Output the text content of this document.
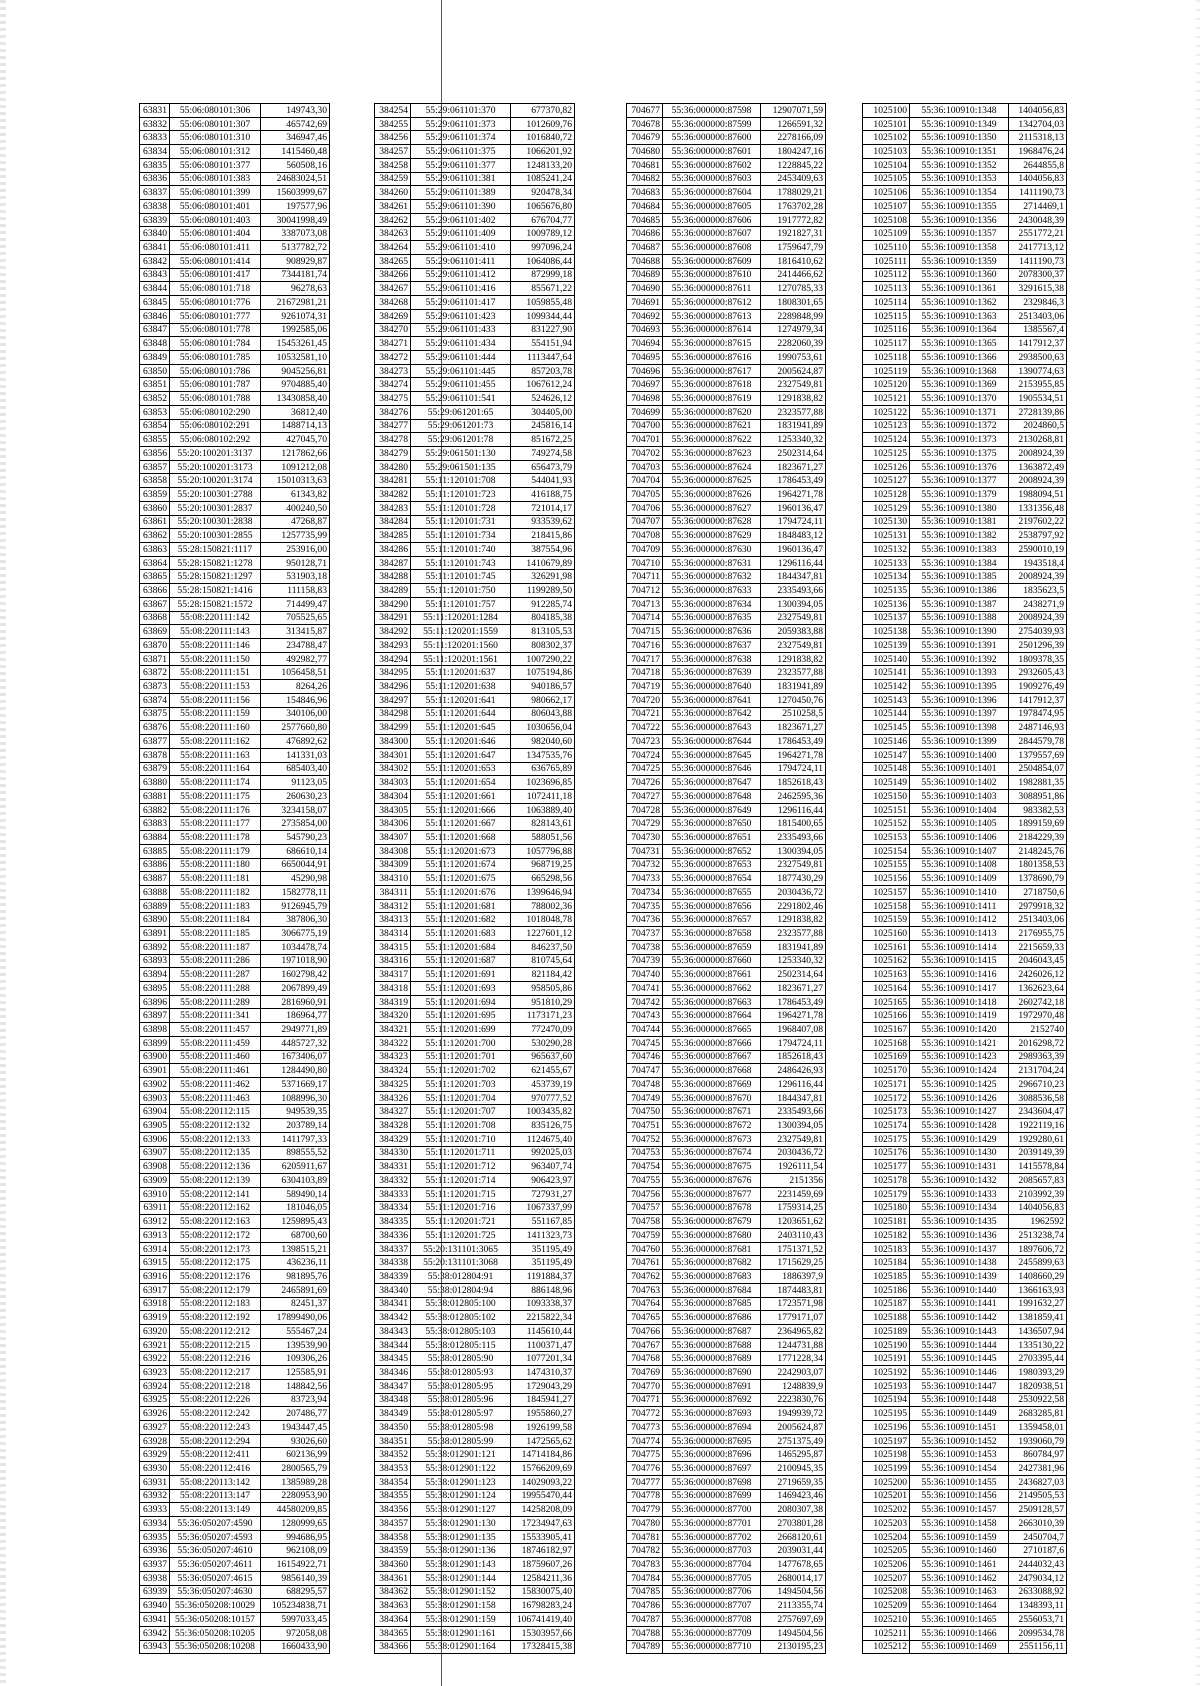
63831	55:06:080101:306	149743,30
63832	55:06:080101:307	465742,69
63833	55:06:080101:310	346947,46
63834	55:06:080101:312	1415460,48
63835	55:06:080101:377	560508,16
63836	55:06:080101:383	24683024,51
63837	55:06:080101:399	15603999,67
63838	55:06:080101:401	197577,96
63839	55:06:080101:403	30041998,49
63840	55:06:080101:404	3387073,08
63841	55:06:080101:411	5137782,72
63842	55:06:080101:414	908929,87
63843	55:06:080101:417	7344181,74
63844	55:06:080101:718	96278,63
63845	55:06:080101:776	21672981,21
63846	55:06:080101:777	9261074,31
63847	55:06:080101:778	1992585,06
63848	55:06:080101:784	15453261,45
63849	55:06:080101:785	10532581,10
63850	55:06:080101:786	9045256,81
63851	55:06:080101:787	9704885,40
63852	55:06:080101:788	13430858,40
63853	55:06:080102:290	36812,40
63854	55:06:080102:291	1488714,13
63855	55:06:080102:292	427045,70
63856	55:20:100201:3137	1217862,66
63857	55:20:100201:3173	1091212,08
63858	55:20:100201:3174	15010313,63
63859	55:20:100301:2788	61343,82
63860	55:20:100301:2837	400240,50
63861	55:20:100301:2838	47268,87
63862	55:20:100301:2855	1257735,99
63863	55:28:150821:1117	253916,00
63864	55:28:150821:1278	950128,71
63865	55:28:150821:1297	531903,18
63866	55:28:150821:1416	111158,83
63867	55:28:150821:1572	714499,47
63868	55:08:220111:142	705525,65
63869	55:08:220111:143	313415,87
63870	55:08:220111:146	234788,47
63871	55:08:220111:150	492982,77
63872	55:08:220111:151	1056458,51
63873	55:08:220111:153	8264,26
63874	55:08:220111:156	154846,96
63875	55:08:220111:159	340106,00
63876	55:08:220111:160	2577660,80
63877	55:08:220111:162	476892,62
63878	55:08:220111:163	141331,03
63879	55:08:220111:164	685403,40
63880	55:08:220111:174	91123,05
63881	55:08:220111:175	260630,23
63882	55:08:220111:176	3234158,07
63883	55:08:220111:177	2735854,00
63884	55:08:220111:178	545790,23
63885	55:08:220111:179	686610,14
63886	55:08:220111:180	6650044,91
63887	55:08:220111:181	45290,98
63888	55:08:220111:182	1582778,11
63889	55:08:220111:183	9126945,79
63890	55:08:220111:184	387806,30
63891	55:08:220111:185	3066775,19
63892	55:08:220111:187	1034478,74
63893	55:08:220111:286	1971018,90
63894	55:08:220111:287	1602798,42
63895	55:08:220111:288	2067899,49
63896	55:08:220111:289	2816960,91
63897	55:08:220111:341	186964,77
63898	55:08:220111:457	2949771,89
63899	55:08:220111:459	4485727,32
63900	55:08:220111:460	1673406,07
63901	55:08:220111:461	1284490,80
63902	55:08:220111:462	5371669,17
63903	55:08:220111:463	1088996,30
63904	55:08:220112:115	949539,35
63905	55:08:220112:132	203789,14
63906	55:08:220112:133	1411797,33
63907	55:08:220112:135	898555,52
63908	55:08:220112:136	6205911,67
63909	55:08:220112:139	6304103,89
63910	55:08:220112:141	589490,14
63911	55:08:220112:162	181046,05
63912	55:08:220112:163	1259895,43
63913	55:08:220112:172	68700,60
63914	55:08:220112:173	1398515,21
63915	55:08:220112:175	436236,11
63916	55:08:220112:176	981895,76
63917	55:08:220112:179	2465891,69
63918	55:08:220112:183	82451,37
63919	55:08:220112:192	17899490,06
63920	55:08:220112:212	555467,24
63921	55:08:220112:215	139539,90
63922	55:08:220112:216	109306,26
63923	55:08:220112:217	125585,91
63924	55:08:220112:218	148842,56
63925	55:08:220112:226	83723,94
63926	55:08:220112:242	207486,77
63927	55:08:220112:243	1943447,45
63928	55:08:220112:294	93026,60
63929	55:08:220112:411	602136,99
63930	55:08:220112:416	2800565,79
63931	55:08:220113:142	1385989,28
63932	55:08:220113:147	2280953,90
63933	55:08:220113:149	44580209,85
63934	55:36:050207:4590	1280999,65
63935	55:36:050207:4593	994686,95
63936	55:36:050207:4610	962108,09
63937	55:36:050207:4611	16154922,71
63938	55:36:050207:4615	9856140,39
63939	55:36:050207:4630	688295,57
63940	55:36:050208:10029	105234838,71
63941	55:36:050208:10157	5997033,45
63942	55:36:050208:10205	972058,08
63943	55:36:050208:10208	1660433,90
384254	55:29:061101:370	677370,82
384255	55:29:061101:373	1012609,76
384256	55:29:061101:374	1016840,72
384257	55:29:061101:375	1066201,92
384258	55:29:061101:377	1248133,20
384259	55:29:061101:381	1085241,24
384260	55:29:061101:389	920478,34
384261	55:29:061101:390	1065676,80
384262	55:29:061101:402	676704,77
384263	55:29:061101:409	1009789,12
384264	55:29:061101:410	997096,24
384265	55:29:061101:411	1064086,44
384266	55:29:061101:412	872999,18
384267	55:29:061101:416	855671,22
384268	55:29:061101:417	1059855,48
384269	55:29:061101:423	1099344,44
384270	55:29:061101:433	831227,90
384271	55:29:061101:434	554151,94
384272	55:29:061101:444	1113447,64
384273	55:29:061101:445	857203,78
384274	55:29:061101:455	1067612,24
384275	55:29:061101:541	524626,12
384276	55:29:061201:65	304405,00
384277	55:29:061201:73	245816,14
384278	55:29:061201:78	851672,25
384279	55:29:061501:130	749274,58
384280	55:29:061501:135	656473,79
384281	55:11:120101:708	544041,93
384282	55:11:120101:723	416188,75
384283	55:11:120101:728	721014,17
384284	55:11:120101:731	933539,62
384285	55:11:120101:734	218415,86
384286	55:11:120101:740	387554,96
384287	55:11:120101:743	1410679,89
384288	55:11:120101:745	326291,98
384289	55:11:120101:750	1199289,50
384290	55:11:120101:757	912285,74
384291	55:11:120201:1284	804185,38
384292	55:11:120201:1559	813105,53
384293	55:11:120201:1560	808302,37
384294	55:11:120201:1561	1007290,22
384295	55:11:120201:637	1075194,86
384296	55:11:120201:638	940186,57
384297	55:11:120201:641	980662,17
384298	55:11:120201:644	806043,88
384299	55:11:120201:645	1030656,04
384300	55:11:120201:646	982040,60
384301	55:11:120201:647	1347535,76
384302	55:11:120201:653	636765,89
384303	55:11:120201:654	1023696,85
384304	55:11:120201:661	1072411,18
384305	55:11:120201:666	1063889,40
384306	55:11:120201:667	828143,61
384307	55:11:120201:668	588051,56
384308	55:11:120201:673	1057796,88
384309	55:11:120201:674	968719,25
384310	55:11:120201:675	665298,56
384311	55:11:120201:676	1399646,94
384312	55:11:120201:681	788002,36
384313	55:11:120201:682	1018048,78
384314	55:11:120201:683	1227601,12
384315	55:11:120201:684	846237,50
384316	55:11:120201:687	810745,64
384317	55:11:120201:691	821184,42
384318	55:11:120201:693	958505,86
384319	55:11:120201:694	951810,29
384320	55:11:120201:695	1173171,23
384321	55:11:120201:699	772470,09
384322	55:11:120201:700	530290,28
384323	55:11:120201:701	965637,60
384324	55:11:120201:702	621455,67
384325	55:11:120201:703	453739,19
384326	55:11:120201:704	970777,52
384327	55:11:120201:707	1003435,82
384328	55:11:120201:708	835126,75
384329	55:11:120201:710	1124675,40
384330	55:11:120201:711	992025,03
384331	55:11:120201:712	963407,74
384332	55:11:120201:714	906423,97
384333	55:11:120201:715	727931,27
384334	55:11:120201:716	1067337,99
384335	55:11:120201:721	551167,85
384336	55:11:120201:725	1411323,73
384337	55:20:131101:3065	351195,49
384338	55:20:131101:3068	351195,49
384339	55:38:012804:91	1191884,37
384340	55:38:012804:94	886148,96
384341	55:38:012805:100	1093338,37
384342	55:38:012805:102	2215822,34
384343	55:38:012805:103	1145610,44
384344	55:38:012805:115	1100371,47
384345	55:38:012805:90	1077201,34
384346	55:38:012805:93	1474310,37
384347	55:38:012805:95	1729043,29
384348	55:38:012805:96	1845941,27
384349	55:38:012805:97	1955860,27
384350	55:38:012805:98	1926199,58
384351	55:38:012805:99	1472565,62
384352	55:38:012901:121	14714184,86
384353	55:38:012901:122	15766209,69
384354	55:38:012901:123	14029093,22
384355	55:38:012901:124	19955470,44
384356	55:38:012901:127	14258208,09
384357	55:38:012901:130	17234947,63
384358	55:38:012901:135	15533905,41
384359	55:38:012901:136	18746182,97
384360	55:38:012901:143	18759607,26
384361	55:38:012901:144	12584211,36
384362	55:38:012901:152	15830075,40
384363	55:38:012901:158	16798283,24
384364	55:38:012901:159	106741419,40
384365	55:38:012901:161	15303957,66
384366	55:38:012901:164	17328415,38
704677	55:36:000000:87598	12907071,59
704678	55:36:000000:87599	1266591,32
704679	55:36:000000:87600	2278166,09
704680	55:36:000000:87601	1804247,16
704681	55:36:000000:87602	1228845,22
704682	55:36:000000:87603	2453409,63
704683	55:36:000000:87604	1788029,21
704684	55:36:000000:87605	1763702,28
704685	55:36:000000:87606	1917772,82
704686	55:36:000000:87607	1921827,31
704687	55:36:000000:87608	1759647,79
704688	55:36:000000:87609	1816410,62
704689	55:36:000000:87610	2414466,62
704690	55:36:000000:87611	1270785,33
704691	55:36:000000:87612	1808301,65
704692	55:36:000000:87613	2289848,99
704693	55:36:000000:87614	1274979,34
704694	55:36:000000:87615	2282060,39
704695	55:36:000000:87616	1990753,61
704696	55:36:000000:87617	2005624,87
704697	55:36:000000:87618	2327549,81
704698	55:36:000000:87619	1291838,82
704699	55:36:000000:87620	2323577,88
704700	55:36:000000:87621	1831941,89
704701	55:36:000000:87622	1253340,32
704702	55:36:000000:87623	2502314,64
704703	55:36:000000:87624	1823671,27
704704	55:36:000000:87625	1786453,49
704705	55:36:000000:87626	1964271,78
704706	55:36:000000:87627	1960136,47
704707	55:36:000000:87628	1794724,11
704708	55:36:000000:87629	1848483,12
704709	55:36:000000:87630	1960136,47
704710	55:36:000000:87631	1296116,44
704711	55:36:000000:87632	1844347,81
704712	55:36:000000:87633	2335493,66
704713	55:36:000000:87634	1300394,05
704714	55:36:000000:87635	2327549,81
704715	55:36:000000:87636	2059383,88
704716	55:36:000000:87637	2327549,81
704717	55:36:000000:87638	1291838,82
704718	55:36:000000:87639	2323577,88
704719	55:36:000000:87640	1831941,89
704720	55:36:000000:87641	1270450,76
704721	55:36:000000:87642	2510258,5
704722	55:36:000000:87643	1823671,27
704723	55:36:000000:87644	1786453,49
704724	55:36:000000:87645	1964271,78
704725	55:36:000000:87646	1794724,11
704726	55:36:000000:87647	1852618,43
704727	55:36:000000:87648	2462595,36
704728	55:36:000000:87649	1296116,44
704729	55:36:000000:87650	1815400,65
704730	55:36:000000:87651	2335493,66
704731	55:36:000000:87652	1300394,05
704732	55:36:000000:87653	2327549,81
704733	55:36:000000:87654	1877430,29
704734	55:36:000000:87655	2030436,72
704735	55:36:000000:87656	2291802,46
704736	55:36:000000:87657	1291838,82
704737	55:36:000000:87658	2323577,88
704738	55:36:000000:87659	1831941,89
704739	55:36:000000:87660	1253340,32
704740	55:36:000000:87661	2502314,64
704741	55:36:000000:87662	1823671,27
704742	55:36:000000:87663	1786453,49
704743	55:36:000000:87664	1964271,78
704744	55:36:000000:87665	1968407,08
704745	55:36:000000:87666	1794724,11
704746	55:36:000000:87667	1852618,43
704747	55:36:000000:87668	2486426,93
704748	55:36:000000:87669	1296116,44
704749	55:36:000000:87670	1844347,81
704750	55:36:000000:87671	2335493,66
704751	55:36:000000:87672	1300394,05
704752	55:36:000000:87673	2327549,81
704753	55:36:000000:87674	2030436,72
704754	55:36:000000:87675	1926111,54
704755	55:36:000000:87676	2151356
704756	55:36:000000:87677	2231459,69
704757	55:36:000000:87678	1759314,25
704758	55:36:000000:87679	1203651,62
704759	55:36:000000:87680	2403110,43
704760	55:36:000000:87681	1751371,52
704761	55:36:000000:87682	1715629,25
704762	55:36:000000:87683	1886397,9
704763	55:36:000000:87684	1874483,81
704764	55:36:000000:87685	1723571,98
704765	55:36:000000:87686	1779171,07
704766	55:36:000000:87687	2364965,82
704767	55:36:000000:87688	1244731,88
704768	55:36:000000:87689	1771228,34
704769	55:36:000000:87690	2242903,07
704770	55:36:000000:87691	1248839,9
704771	55:36:000000:87692	2223830,76
704772	55:36:000000:87693	1949939,72
704773	55:36:000000:87694	2005624,87
704774	55:36:000000:87695	2751375,49
704775	55:36:000000:87696	1465295,87
704776	55:36:000000:87697	2100945,35
704777	55:36:000000:87698	2719659,35
704778	55:36:000000:87699	1469423,46
704779	55:36:000000:87700	2080307,38
704780	55:36:000000:87701	2703801,28
704781	55:36:000000:87702	2668120,61
704782	55:36:000000:87703	2039031,44
704783	55:36:000000:87704	1477678,65
704784	55:36:000000:87705	2680014,17
704785	55:36:000000:87706	1494504,56
704786	55:36:000000:87707	2113355,74
704787	55:36:000000:87708	2757697,69
704788	55:36:000000:87709	1494504,56
704789	55:36:000000:87710	2130195,23
1025100	55:36:100910:1348	1404056,83
1025101	55:36:100910:1349	1342704,03
1025102	55:36:100910:1350	2115318,13
1025103	55:36:100910:1351	1968476,24
1025104	55:36:100910:1352	2644855,8
1025105	55:36:100910:1353	1404056,83
1025106	55:36:100910:1354	1411190,73
1025107	55:36:100910:1355	2714469,1
1025108	55:36:100910:1356	2430048,39
1025109	55:36:100910:1357	2551772,21
1025110	55:36:100910:1358	2417713,12
1025111	55:36:100910:1359	1411190,73
1025112	55:36:100910:1360	2078300,37
1025113	55:36:100910:1361	3291615,38
1025114	55:36:100910:1362	2329846,3
1025115	55:36:100910:1363	2513403,06
1025116	55:36:100910:1364	1385567,4
1025117	55:36:100910:1365	1417912,37
1025118	55:36:100910:1366	2938500,63
1025119	55:36:100910:1368	1390774,63
1025120	55:36:100910:1369	2153955,85
1025121	55:36:100910:1370	1905534,51
1025122	55:36:100910:1371	2728139,86
1025123	55:36:100910:1372	2024860,5
1025124	55:36:100910:1373	2130268,81
1025125	55:36:100910:1375	2008924,39
1025126	55:36:100910:1376	1363872,49
1025127	55:36:100910:1377	2008924,39
1025128	55:36:100910:1379	1988094,51
1025129	55:36:100910:1380	1331356,48
1025130	55:36:100910:1381	2197602,22
1025131	55:36:100910:1382	2538797,92
1025132	55:36:100910:1383	2590010,19
1025133	55:36:100910:1384	1943518,4
1025134	55:36:100910:1385	2008924,39
1025135	55:36:100910:1386	1835623,5
1025136	55:36:100910:1387	2438271,9
1025137	55:36:100910:1388	2008924,39
1025138	55:36:100910:1390	2754039,93
1025139	55:36:100910:1391	2501296,39
1025140	55:36:100910:1392	1809378,35
1025141	55:36:100910:1393	2932605,43
1025142	55:36:100910:1395	1909276,49
1025143	55:36:100910:1396	1417912,37
1025144	55:36:100910:1397	1978474,95
1025145	55:36:100910:1398	2487146,93
1025146	55:36:100910:1399	2844579,78
1025147	55:36:100910:1400	1379557,69
1025148	55:36:100910:1401	2504854,07
1025149	55:36:100910:1402	1982881,35
1025150	55:36:100910:1403	3088951,86
1025151	55:36:100910:1404	983382,53
1025152	55:36:100910:1405	1899159,69
1025153	55:36:100910:1406	2184229,39
1025154	55:36:100910:1407	2148245,76
1025155	55:36:100910:1408	1801358,53
1025156	55:36:100910:1409	1378690,79
1025157	55:36:100910:1410	2718750,6
1025158	55:36:100910:1411	2979918,32
1025159	55:36:100910:1412	2513403,06
1025160	55:36:100910:1413	2176955,75
1025161	55:36:100910:1414	2215659,33
1025162	55:36:100910:1415	2046043,45
1025163	55:36:100910:1416	2426026,12
1025164	55:36:100910:1417	1362623,64
1025165	55:36:100910:1418	2602742,18
1025166	55:36:100910:1419	1972970,48
1025167	55:36:100910:1420	2152740
1025168	55:36:100910:1421	2016298,72
1025169	55:36:100910:1423	2989363,39
1025170	55:36:100910:1424	2131704,24
1025171	55:36:100910:1425	2966710,23
1025172	55:36:100910:1426	3088536,58
1025173	55:36:100910:1427	2343604,47
1025174	55:36:100910:1428	1922119,16
1025175	55:36:100910:1429	1929280,61
1025176	55:36:100910:1430	2039149,39
1025177	55:36:100910:1431	1415578,84
1025178	55:36:100910:1432	2085657,83
1025179	55:36:100910:1433	2103992,39
1025180	55:36:100910:1434	1404056,83
1025181	55:36:100910:1435	1962592
1025182	55:36:100910:1436	2513238,74
1025183	55:36:100910:1437	1897606,72
1025184	55:36:100910:1438	2455899,63
1025185	55:36:100910:1439	1408660,29
1025186	55:36:100910:1440	1366163,93
1025187	55:36:100910:1441	1991632,27
1025188	55:36:100910:1442	1381859,41
1025189	55:36:100910:1443	1436507,94
1025190	55:36:100910:1444	1335130,22
1025191	55:36:100910:1445	2703395,44
1025192	55:36:100910:1446	1980393,29
1025193	55:36:100910:1447	1820938,51
1025194	55:36:100910:1448	2530922,58
1025195	55:36:100910:1449	2683285,81
1025196	55:36:100910:1451	1359458,01
1025197	55:36:100910:1452	1939060,79
1025198	55:36:100910:1453	860784,97
1025199	55:36:100910:1454	2427381,96
1025200	55:36:100910:1455	2436827,03
1025201	55:36:100910:1456	2149505,53
1025202	55:36:100910:1457	2509128,57
1025203	55:36:100910:1458	2663010,39
1025204	55:36:100910:1459	2450704,7
1025205	55:36:100910:1460	2710187,6
1025206	55:36:100910:1461	2444032,43
1025207	55:36:100910:1462	2479034,12
1025208	55:36:100910:1463	2633088,92
1025209	55:36:100910:1464	1348393,11
1025210	55:36:100910:1465	2556053,71
1025211	55:36:100910:1466	2099534,78
1025212	55:36:100910:1469	2551156,11
